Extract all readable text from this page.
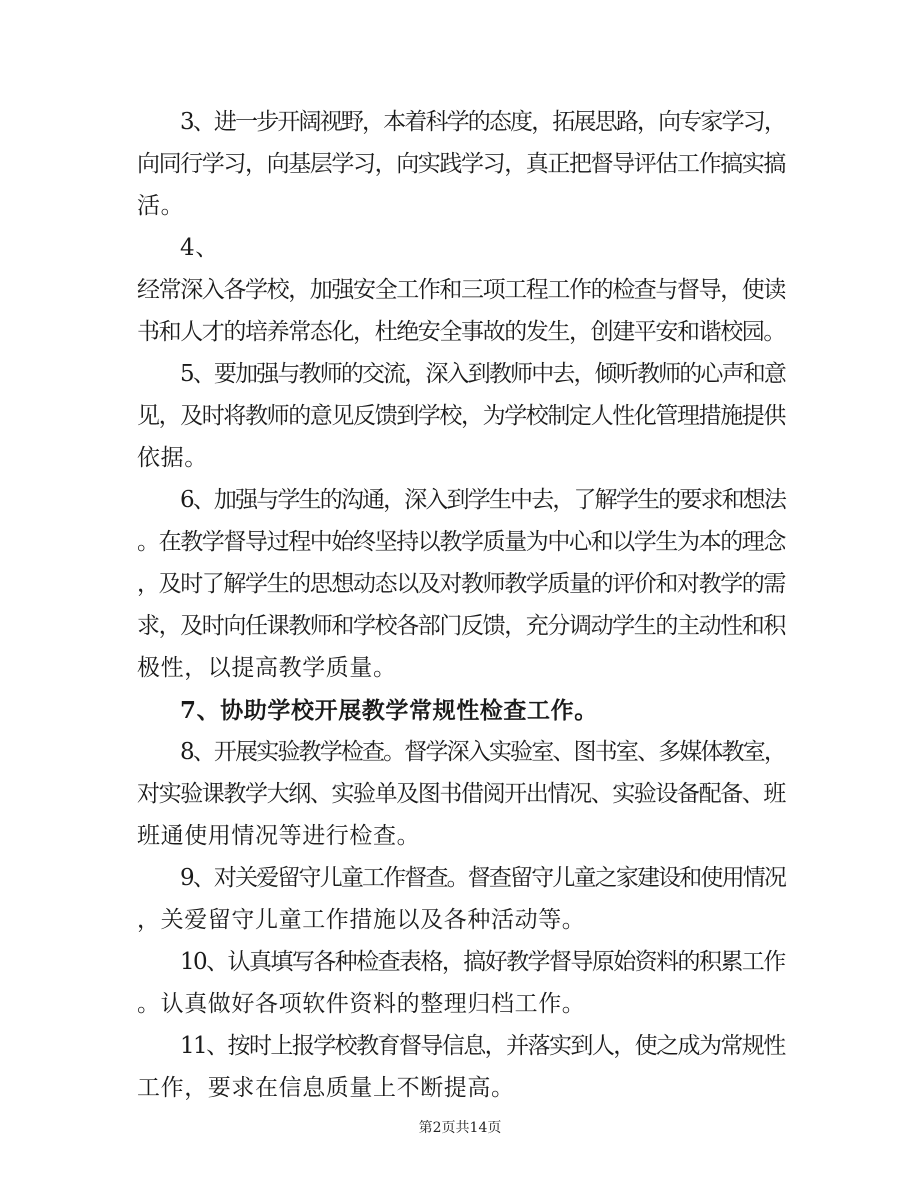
3、进一步开阔视野，本着科学的态度，拓展思路，向专家学习，
向同行学习，向基层学习，向实践学习，真正把督导评估工作搞实搞
活。
4、
经常深入各学校，加强安全工作和三项工程工作的检查与督导，使读
书和人才的培养常态化，杜绝安全事故的发生，创建平安和谐校园。
5、要加强与教师的交流，深入到教师中去，倾听教师的心声和意
见，及时将教师的意见反馈到学校，为学校制定人性化管理措施提供
依据。
6、加强与学生的沟通，深入到学生中去，了解学生的要求和想法
。在教学督导过程中始终坚持以教学质量为中心和以学生为本的理念
，及时了解学生的思想动态以及对教师教学质量的评价和对教学的需
求，及时向任课教师和学校各部门反馈，充分调动学生的主动性和积
极性，以提高教学质量。
7、协助学校开展教学常规性检查工作。
8、开展实验教学检查。督学深入实验室、图书室、多媒体教室，
对实验课教学大纲、实验单及图书借阅开出情况、实验设备配备、班
班通使用情况等进行检查。
9、对关爱留守儿童工作督查。督查留守儿童之家建设和使用情况
，关爱留守儿童工作措施以及各种活动等。
10、认真填写各种检查表格，搞好教学督导原始资料的积累工作
。认真做好各项软件资料的整理归档工作。
11、按时上报学校教育督导信息，并落实到人，使之成为常规性
工作，要求在信息质量上不断提高。
第2页共14页
